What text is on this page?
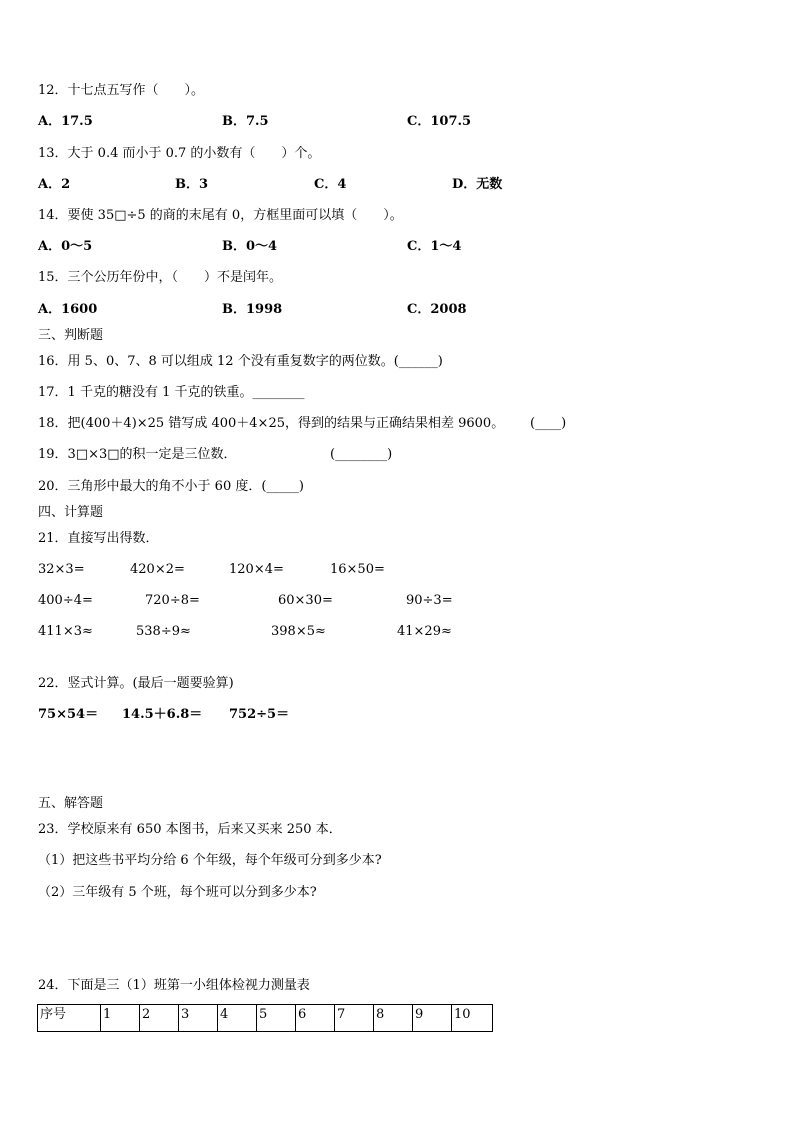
12．十七点五写作（　　）。
A．17.5	B．7.5	C．107.5
13．大于 0.4 而小于 0.7 的小数有（　　）个。
A．2	B．3	C．4	D．无数
14．要使 35□÷5 的商的末尾有 0，方框里面可以填（　　）。
A．0～5	B．0～4	C．1～4
15．三个公历年份中，（　　）不是闰年。
A．1600	B．1998	C．2008
三、判断题
16．用 5、0、7、8 可以组成 12 个没有重复数字的两位数。(______)
17．1 千克的糖没有 1 千克的铁重。________
18．把(400＋4)×25 错写成 400＋4×25，得到的结果与正确结果相差 9600。 (____)
19．3□×3□的积一定是三位数．	(________)
20．三角形中最大的角不小于 60 度．(_____)
四、计算题
21．直接写出得数．
32×3=	420×2=	120×4=	16×50=
400÷4=	720÷8=	60×30=	90÷3=
411×3≈	538÷9≈	398×5≈	41×29≈
22．竖式计算。(最后一题要验算)
75×54＝ 14.5＋6.8＝ 752÷5＝
五、解答题
23．学校原来有 650 本图书，后来又买来 250 本．
（1）把这些书平均分给 6 个年级，每个年级可分到多少本?
（2）三年级有 5 个班，每个班可以分到多少本?
24．下面是三（1）班第一小组体检视力测量表
序号	1	2	3	4	5	6	7	8	9	10
